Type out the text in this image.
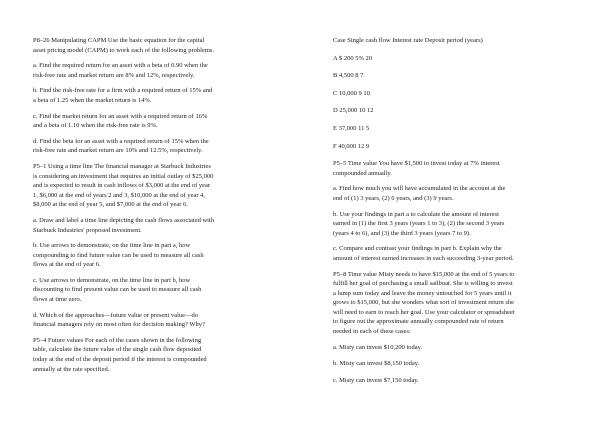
P8–26 Manipulating CAPM Use the basic equation for the capital
asset pricing model (CAPM) to work each of the following problems.

a. Find the required return for an asset with a beta of 0.90 when the
risk-free rate and market return are 8% and 12%, respectively.

b. Find the risk-free rate for a firm with a required return of 15% and
a beta of 1.25 when the market return is 14%.

c. Find the market return for an asset with a required return of 16%
and a beta of 1.10 when the risk-free rate is 9%.

d. Find the beta for an asset with a required return of 15% when the
risk-free rate and market return are 10% and 12.5%, respectively.

P5–1 Using a time line The financial manager at Starbuck Industries
is considering an investment that requires an initial outlay of $25,000
and is expected to result in cash inflows of $3,000 at the end of year
1, $6,000 at the end of years 2 and 3, $10,000 at the end of year 4,
$8,000 at the end of year 5, and $7,000 at the end of year 6.

a. Draw and label a time line depicting the cash flows associated with
Starbuck Industries' proposed investment.

b. Use arrows to demonstrate, on the time line in part a, how
compounding to find future value can be used to measure all cash
flows at the end of year 6.

c. Use arrows to demonstrate, on the time line in part b, how
discounting to find present value can be used to measure all cash
flows at time zero.

d. Which of the approaches—future value or present value—do
financial managers rely on most often for decision making? Why?

P5–4 Future values For each of the cases shown in the following
table, calculate the future value of the single cash flow deposited
today at the end of the deposit period if the interest is compounded
annually at the rate specified.

Case Single cash flow Interest rate Deposit period (years)

A $ 200 5% 20

B 4,500 8 7

C 10,000 9 10

D 25,000 10 12

E 37,000 11 5

F 40,000 12 9

P5–5 Time value You have $1,500 to invest today at 7% interest
compounded annually.

a. Find how much you will have accumulated in the account at the
end of (1) 3 years, (2) 6 years, and (3) 9 years.

b. Use your findings in part a to calculate the amount of interest
earned in (1) the first 3 years (years 1 to 3), (2) the second 3 years
(years 4 to 6), and (3) the third 3 years (years 7 to 9).

c. Compare and contrast your findings in part b. Explain why the
amount of interest earned increases in each succeeding 3-year period.

P5–8 Time value Misty needs to have $15,000 at the end of 5 years to
fulfill her goal of purchasing a small sailboat. She is willing to invest
a lump sum today and leave the money untouched for 5 years until it
grows to $15,000, but she wonders what sort of investment return she
will need to earn to reach her goal. Use your calculator or spreadsheet
to figure out the approximate annually compounded rate of return
needed in each of these cases:

a. Misty can invest $10,200 today.

b. Misty can invest $8,150 today.

c. Misty can invest $7,150 today.
